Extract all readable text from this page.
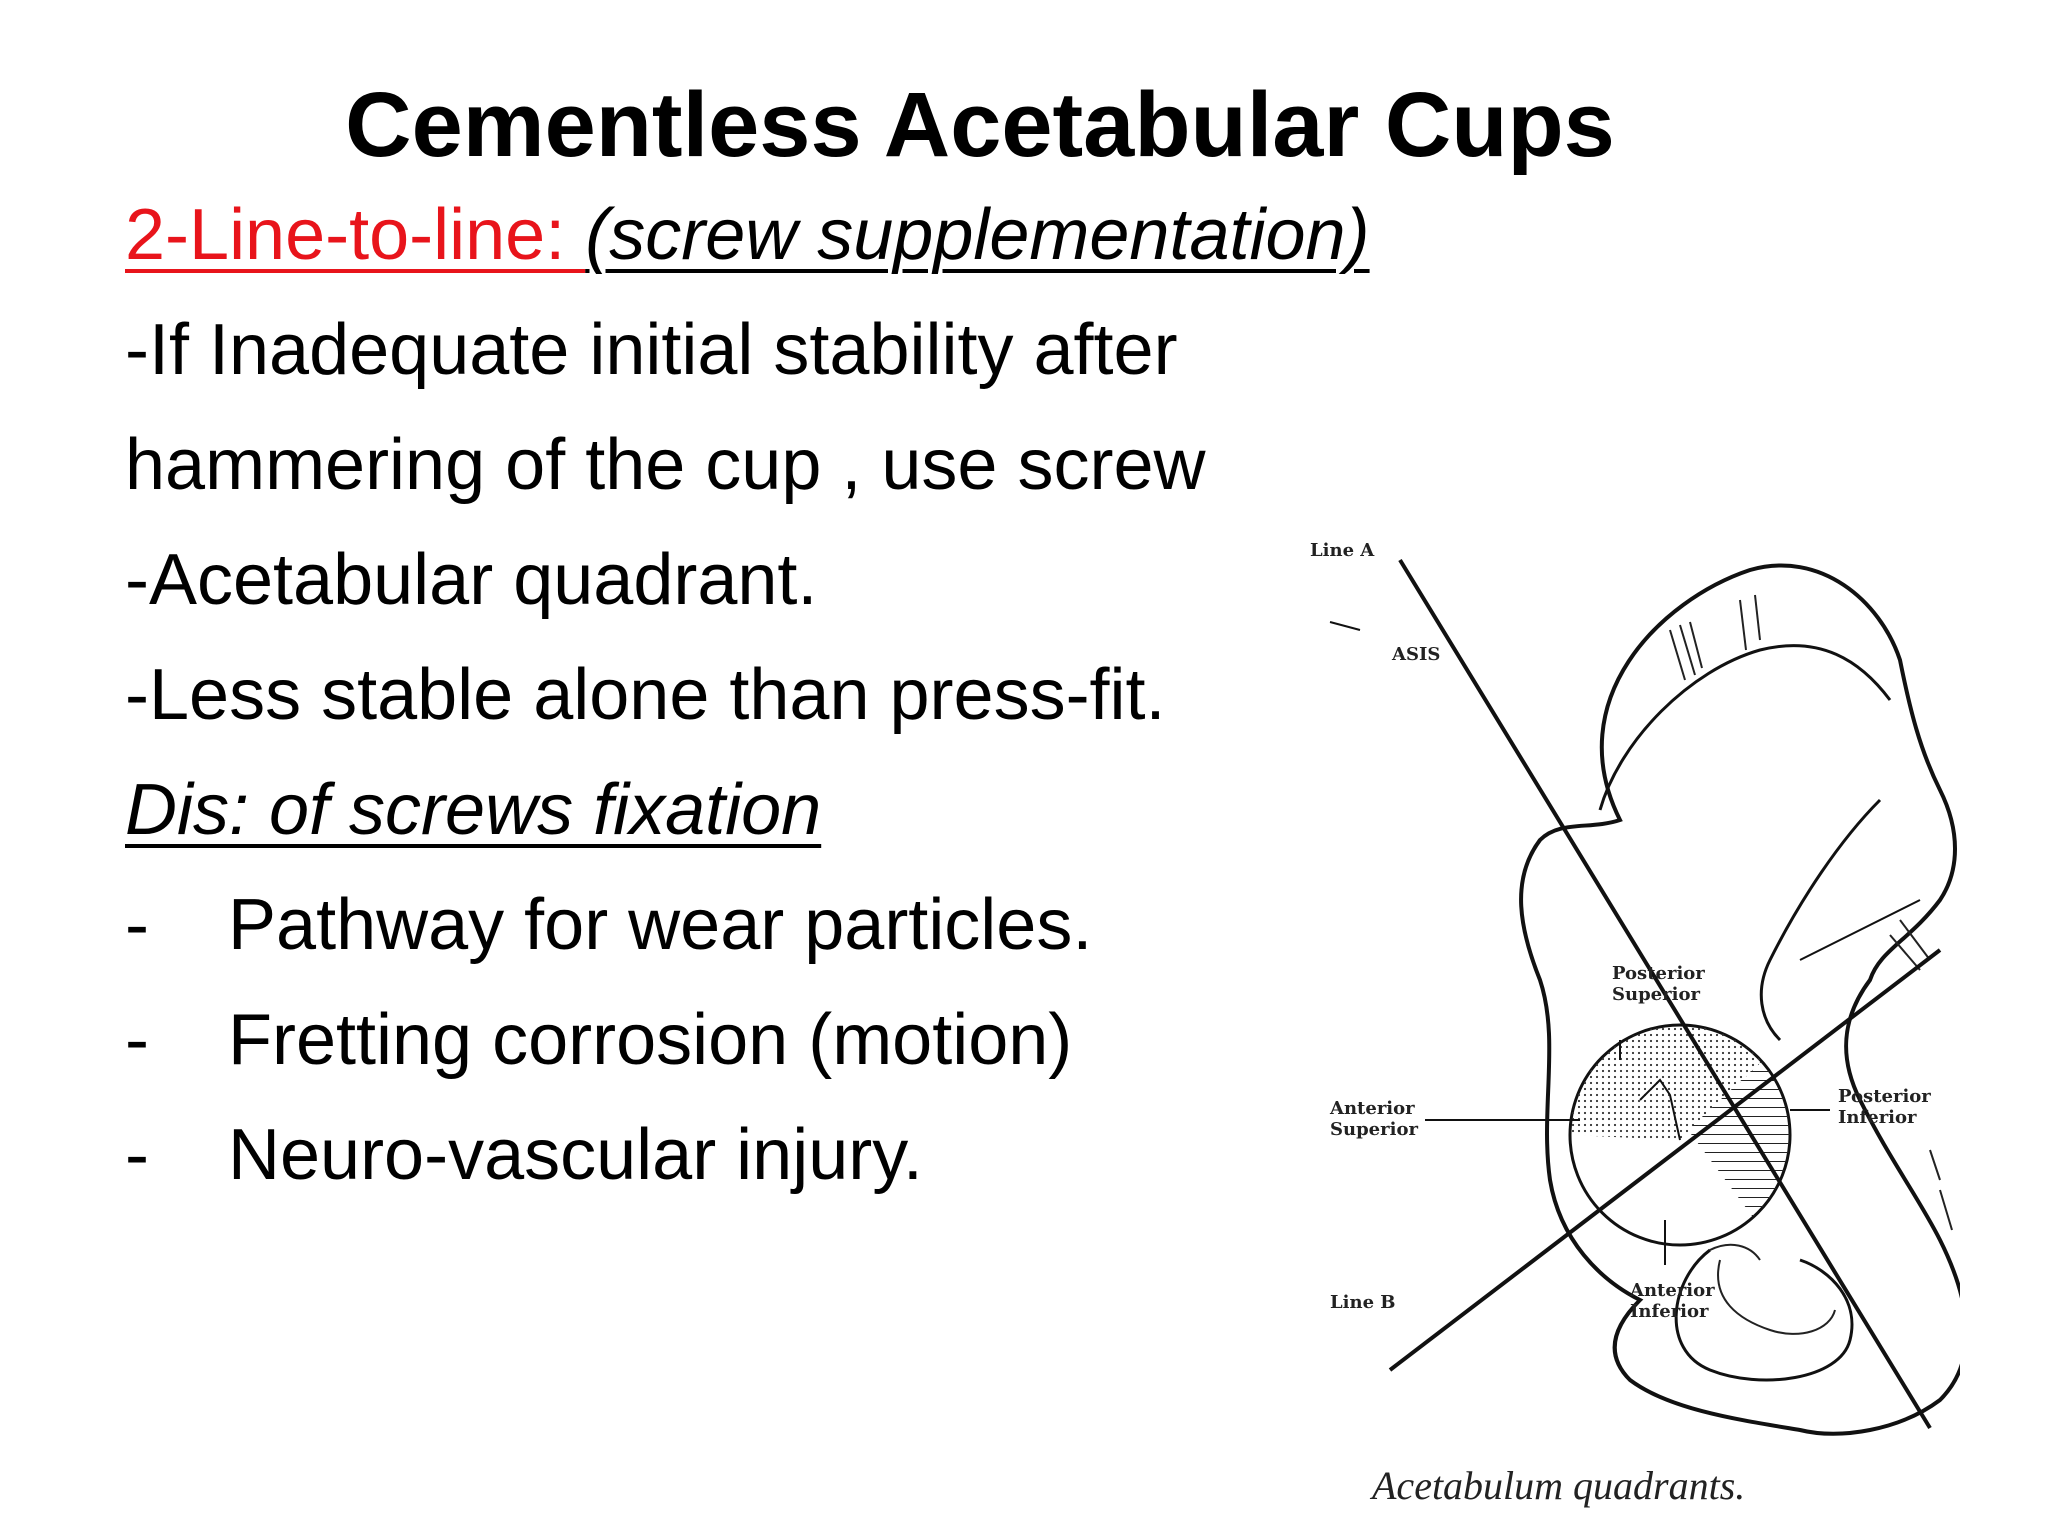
Cementless Acetabular Cups
2-Line-to-line: (screw supplementation)
-If Inadequate initial stability after
hammering of the cup , use screw
-Acetabular quadrant.
-Less stable alone than press-fit.
Dis: of screws fixation
- Pathway for wear particles.
- Fretting corrosion (motion)
- Neuro-vascular injury.
Line A
ASIS
Posterior
Superior
Anterior
Superior
Posterior
Inferior
Anterior
Inferior
Line B
Acetabulum quadrants.
